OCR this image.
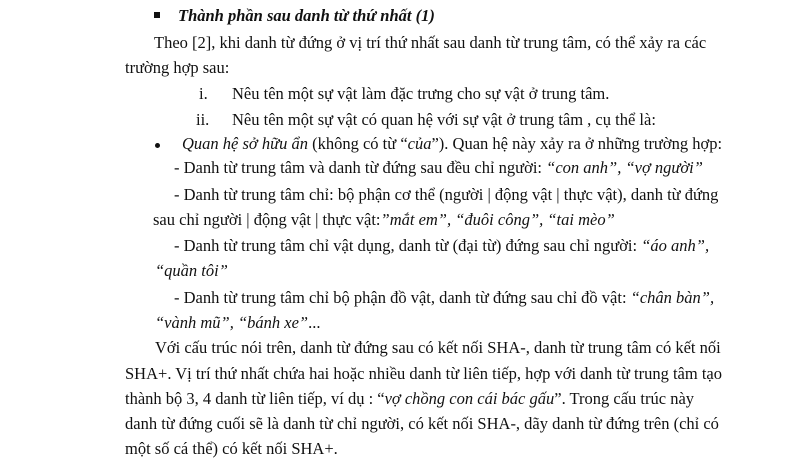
Thành phần sau danh từ thứ nhất (1)
Theo [2], khi danh từ đứng ở vị trí thứ nhất sau danh từ trung tâm, có thể xảy ra các
trường hợp sau:
i. Nêu tên một sự vật làm đặc trưng cho sự vật ở trung tâm.
ii. Nêu tên một sự vật có quan hệ với sự vật ở trung tâm , cụ thể là:
Quan hệ sở hữu ẩn (không có từ “của”). Quan hệ này xảy ra ở những trường hợp:
- Danh từ trung tâm và danh từ đứng sau đều chỉ người: “con anh”, “vợ người”
- Danh từ trung tâm chỉ: bộ phận cơ thể (người | động vật | thực vật), danh từ đứng
sau chỉ người | động vật | thực vật:”mắt em”, “đuôi công”, “tai mèo”
- Danh từ trung tâm chỉ vật dụng, danh từ (đại từ) đứng sau chỉ người: “áo anh”,
“quần tôi”
- Danh từ trung tâm chỉ bộ phận đồ vật, danh từ đứng sau chỉ đồ vật: “chân bàn”,
“vành mũ”, “bánh xe”...
Với cấu trúc nói trên, danh từ đứng sau có kết nối SHA-, danh từ trung tâm có kết nối
SHA+. Vị trí thứ nhất chứa hai hoặc nhiều danh từ liên tiếp, hợp với danh từ trung tâm tạo
thành bộ 3, 4 danh từ liên tiếp, ví dụ : “vợ chồng con cái bác gấu”. Trong cấu trúc này
danh từ đứng cuối sẽ là danh từ chỉ người, có kết nối SHA-, dãy danh từ đứng trên (chỉ có
một số cá thể) có kết nối SHA+.
